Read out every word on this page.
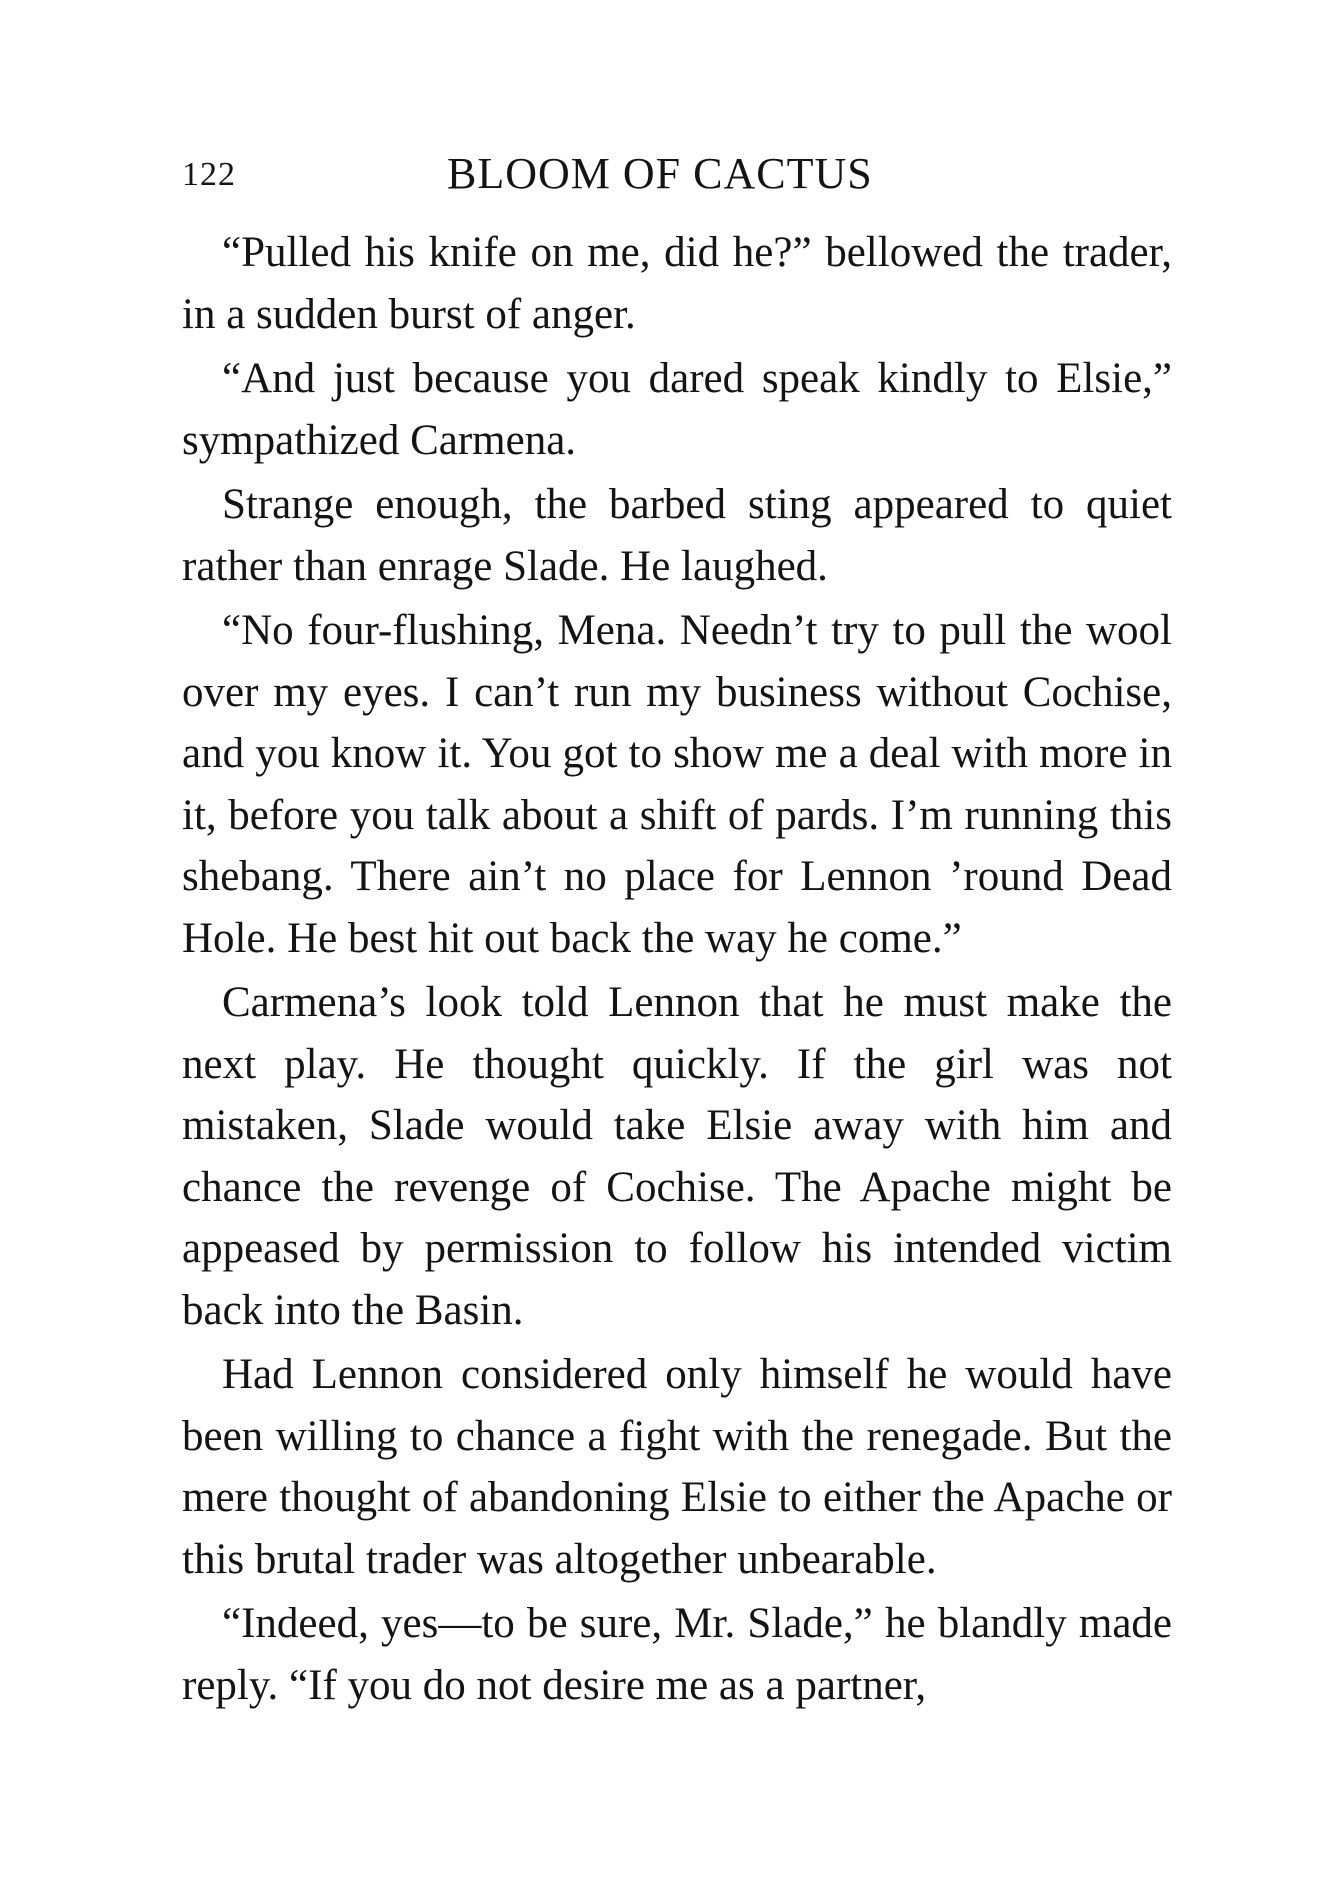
122	BLOOM OF CACTUS

“Pulled his knife on me, did he?” bellowed the trader, in a sudden burst of anger.

“And just because you dared speak kindly to Elsie,” sympathized Carmena.

Strange enough, the barbed sting appeared to quiet rather than enrage Slade. He laughed.

“No four-flushing, Mena. Needn’t try to pull the wool over my eyes. I can’t run my business without Cochise, and you know it. You got to show me a deal with more in it, before you talk about a shift of pards. I’m running this shebang. There ain’t no place for Lennon ’round Dead Hole. He best hit out back the way he come.”

Carmena’s look told Lennon that he must make the next play. He thought quickly. If the girl was not mistaken, Slade would take Elsie away with him and chance the revenge of Cochise. The Apache might be appeased by permission to follow his intended victim back into the Basin.

Had Lennon considered only himself he would have been willing to chance a fight with the renegade. But the mere thought of abandoning Elsie to either the Apache or this brutal trader was altogether unbearable.

“Indeed, yes—to be sure, Mr. Slade,” he blandly made reply. “If you do not desire me as a partner,
